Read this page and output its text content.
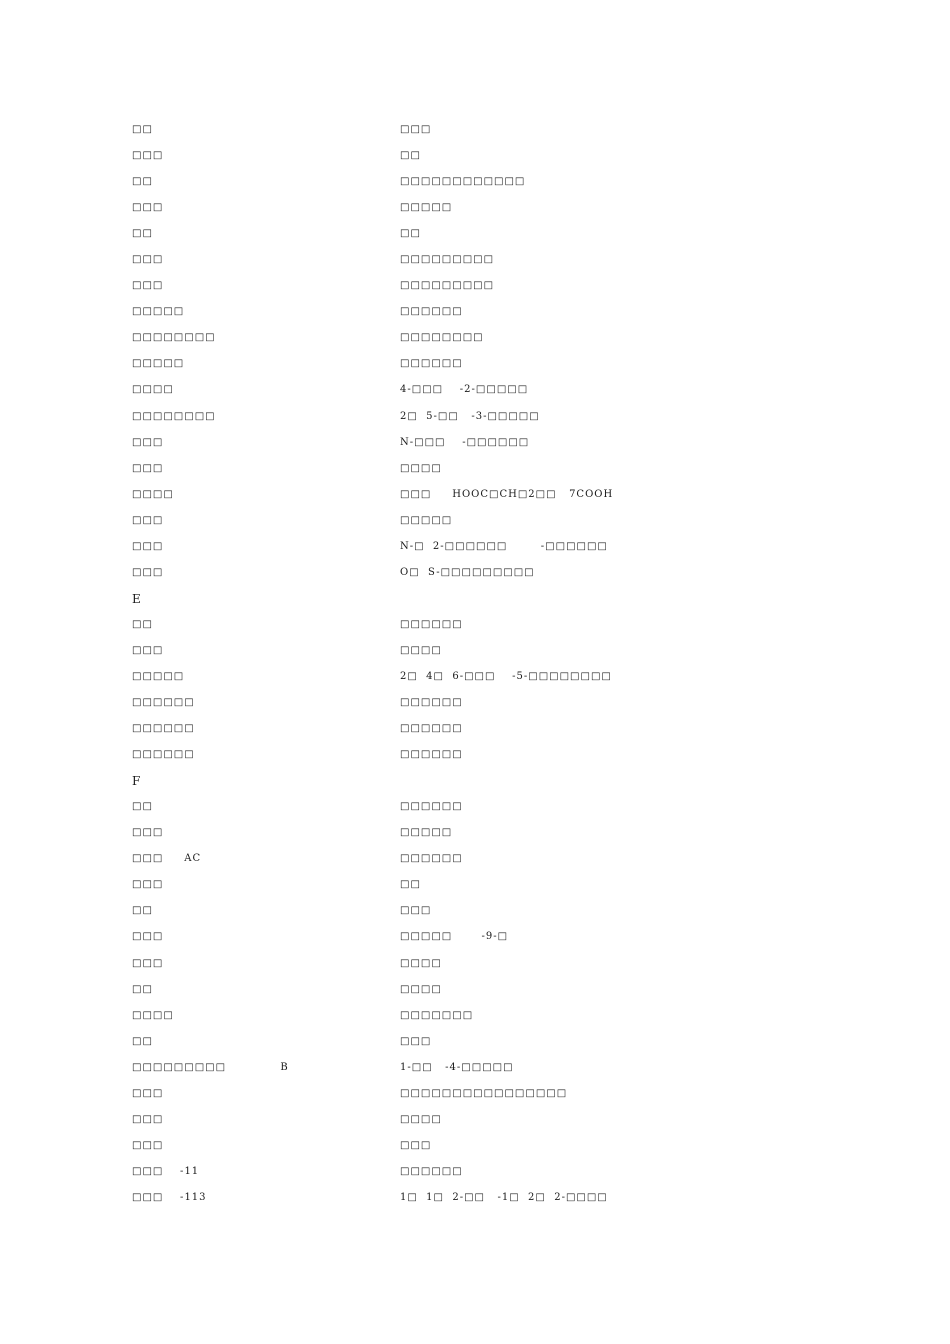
□□	□□□
□□□	□□
□□	□□□□□□□□□□□□
□□□	□□□□□
□□	□□
□□□	□□□□□□□□□
□□□	□□□□□□□□□
□□□□□	□□□□□□
□□□□□□□□	□□□□□□□□
□□□□□	□□□□□□
□□□□	4-□□□    -2-□□□□□
□□□□□□□□	2□  5-□□   -3-□□□□□
□□□	N-□□□    -□□□□□□
□□□	□□□□
□□□□	□□□     HOOC□CH□2□□   7COOH
□□□	□□□□□
□□□	N-□  2-□□□□□□        -□□□□□□
□□□	O□  S-□□□□□□□□□
E
□□	□□□□□□
□□□	□□□□
□□□□□	2□  4□  6-□□□    -5-□□□□□□□□
□□□□□□	□□□□□□
□□□□□□	□□□□□□
□□□□□□	□□□□□□
F
□□	□□□□□□
□□□	□□□□□
□□□     AC	□□□□□□
□□□	□□
□□	□□□
□□□	□□□□□       -9-□
□□□	□□□□
□□	□□□□
□□□□	□□□□□□□
□□	□□□
□□□□□□□□□             B	1-□□   -4-□□□□□
□□□	□□□□□□□□□□□□□□□□
□□□	□□□□
□□□	□□□
□□□    -11	□□□□□□
□□□    -113	1□  1□  2-□□   -1□  2□  2-□□□□
